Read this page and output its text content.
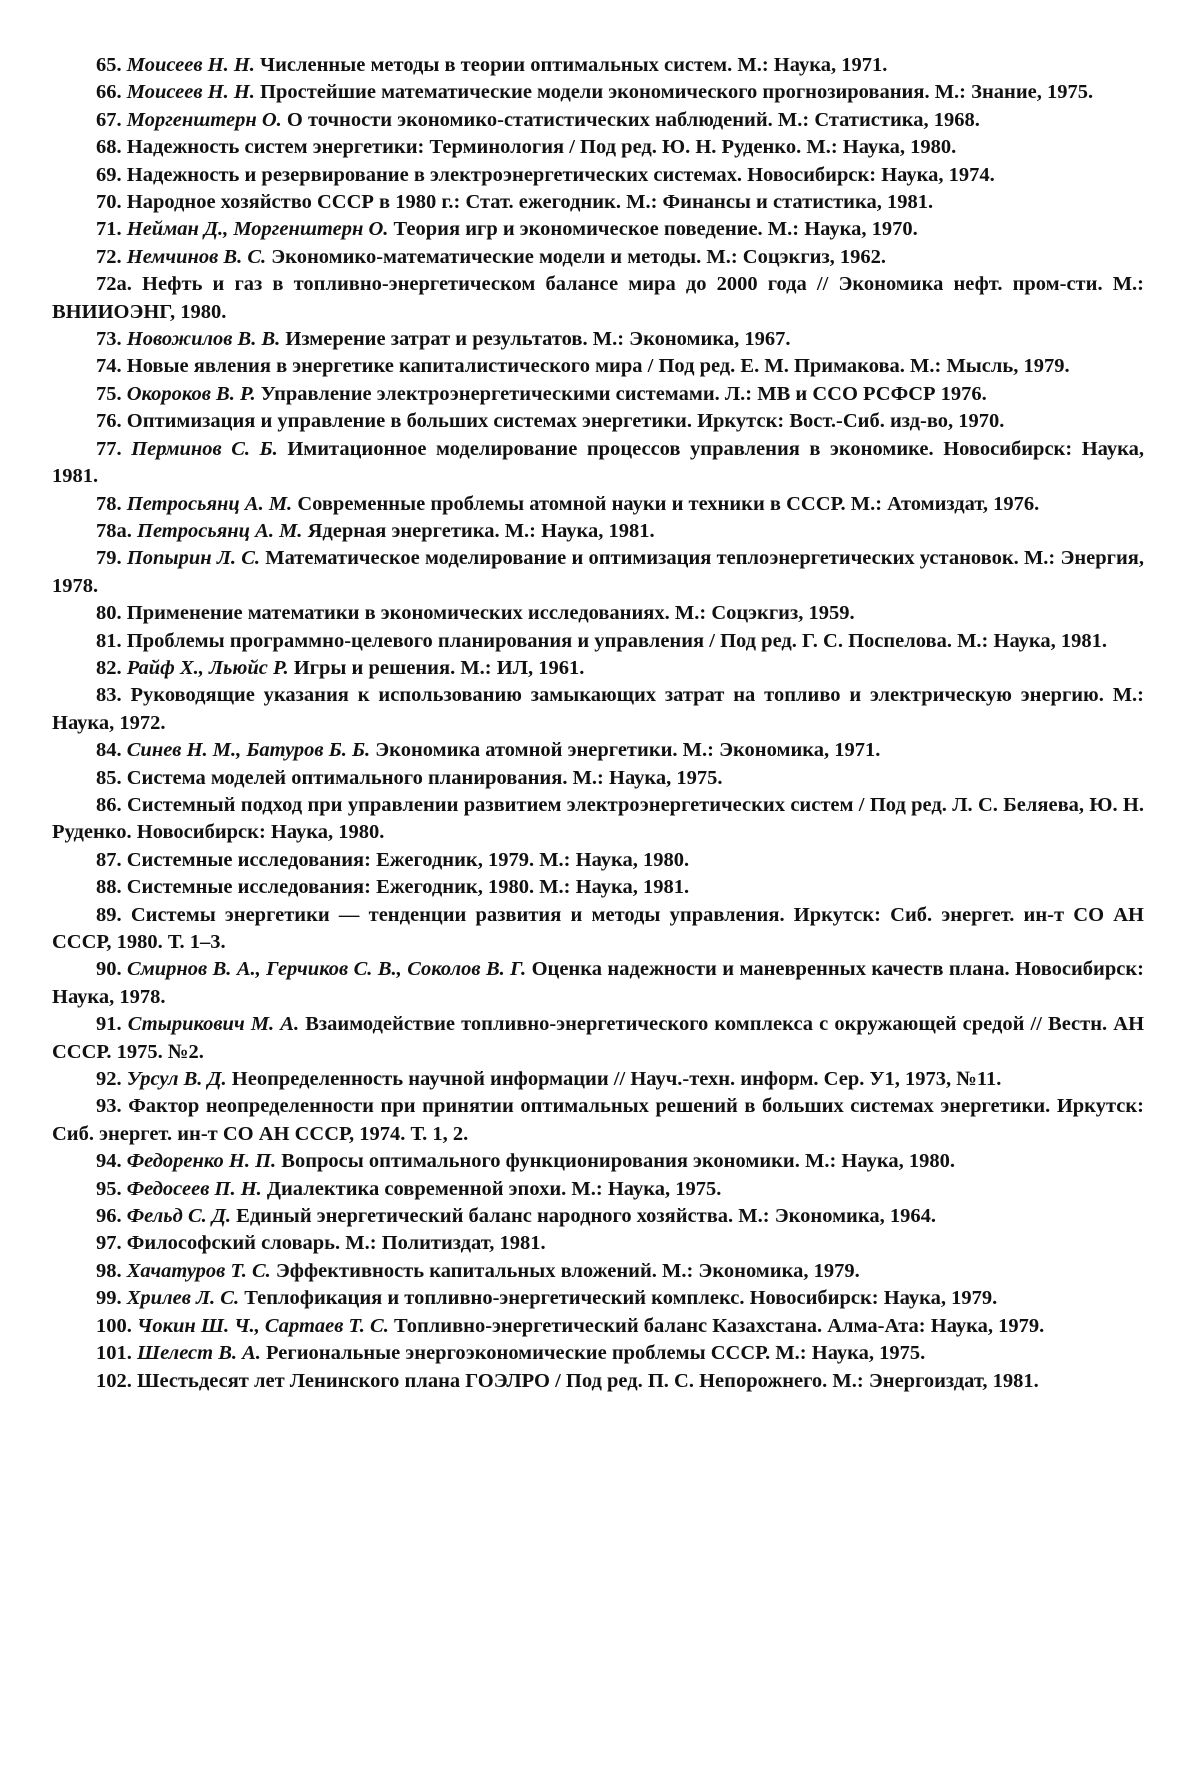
65. Моисеев Н. Н. Численные методы в теории оптимальных систем. М.: Наука, 1971.

66. Моисеев Н. Н. Простейшие математические модели экономического прогнозирования. М.: Знание, 1975.

67. Моргенштерн О. О точности экономико-статистических наблюдений. М.: Статистика, 1968.

68. Надежность систем энергетики: Терминология / Под ред. Ю. Н. Руденко. М.: Наука, 1980.

69. Надежность и резервирование в электроэнергетических системах. Новосибирск: Наука, 1974.

70. Народное хозяйство СССР в 1980 г.: Стат. ежегодник. М.: Финансы и статистика, 1981.

71. Нейман Д., Моргенштерн О. Теория игр и экономическое поведение. М.: Наука, 1970.

72. Немчинов В. С. Экономико-математические модели и методы. М.: Соцэкгиз, 1962.

72а. Нефть и газ в топливно-энергетическом балансе мира до 2000 года // Экономика нефт. пром-сти. М.: ВНИИОЭНГ, 1980.

73. Новожилов В. В. Измерение затрат и результатов. М.: Экономика, 1967.

74. Новые явления в энергетике капиталистического мира / Под ред. Е. М. Примакова. М.: Мысль, 1979.

75. Окороков В. Р. Управление электроэнергетическими системами. Л.: МВ и ССО РСФСР 1976.

76. Оптимизация и управление в больших системах энергетики. Иркутск: Вост.-Сиб. изд-во, 1970.

77. Перминов С. Б. Имитационное моделирование процессов управления в экономике. Новосибирск: Наука, 1981.

78. Петросьянц А. М. Современные проблемы атомной науки и техники в СССР. М.: Атомиздат, 1976.

78а. Петросьянц А. М. Ядерная энергетика. М.: Наука, 1981.

79. Попырин Л. С. Математическое моделирование и оптимизация теплоэнергетических установок. М.: Энергия, 1978.

80. Применение математики в экономических исследованиях. М.: Соцэкгиз, 1959.

81. Проблемы программно-целевого планирования и управления / Под ред. Г. С. Поспелова. М.: Наука, 1981.

82. Райф Х., Льюйс Р. Игры и решения. М.: ИЛ, 1961.

83. Руководящие указания к использованию замыкающих затрат на топливо и электрическую энергию. М.: Наука, 1972.

84. Синев Н. М., Батуров Б. Б. Экономика атомной энергетики. М.: Экономика, 1971.

85. Система моделей оптимального планирования. М.: Наука, 1975.

86. Системный подход при управлении развитием электроэнергетических систем / Под ред. Л. С. Беляева, Ю. Н. Руденко. Новосибирск: Наука, 1980.

87. Системные исследования: Ежегодник, 1979. М.: Наука, 1980.

88. Системные исследования: Ежегодник, 1980. М.: Наука, 1981.

89. Системы энергетики — тенденции развития и методы управления. Иркутск: Сиб. энергет. ин-т СО АН СССР, 1980. Т. 1–3.

90. Смирнов В. А., Герчиков С. В., Соколов В. Г. Оценка надежности и маневренных качеств плана. Новосибирск: Наука, 1978.

91. Стырикович М. А. Взаимодействие топливно-энергетического комплекса с окружающей средой // Вестн. АН СССР. 1975. №2.

92. Урсул В. Д. Неопределенность научной информации // Науч.-техн. информ. Сер. У1, 1973, №11.

93. Фактор неопределенности при принятии оптимальных решений в больших системах энергетики. Иркутск: Сиб. энергет. ин-т СО АН СССР, 1974. Т. 1, 2.

94. Федоренко Н. П. Вопросы оптимального функционирования экономики. М.: Наука, 1980.

95. Федосеев П. Н. Диалектика современной эпохи. М.: Наука, 1975.

96. Фельд С. Д. Единый энергетический баланс народного хозяйства. М.: Экономика, 1964.

97. Философский словарь. М.: Политиздат, 1981.

98. Хачатуров Т. С. Эффективность капитальных вложений. М.: Экономика, 1979.

99. Хрилев Л. С. Теплофикация и топливно-энергетический комплекс. Новосибирск: Наука, 1979.

100. Чокин Ш. Ч., Сартаев Т. С. Топливно-энергетический баланс Казахстана. Алма-Ата: Наука, 1979.

101. Шелест В. А. Региональные энергоэкономические проблемы СССР. М.: Наука, 1975.

102. Шестьдесят лет Ленинского плана ГОЭЛРО / Под ред. П. С. Непорожнего. М.: Энергоиздат, 1981.
